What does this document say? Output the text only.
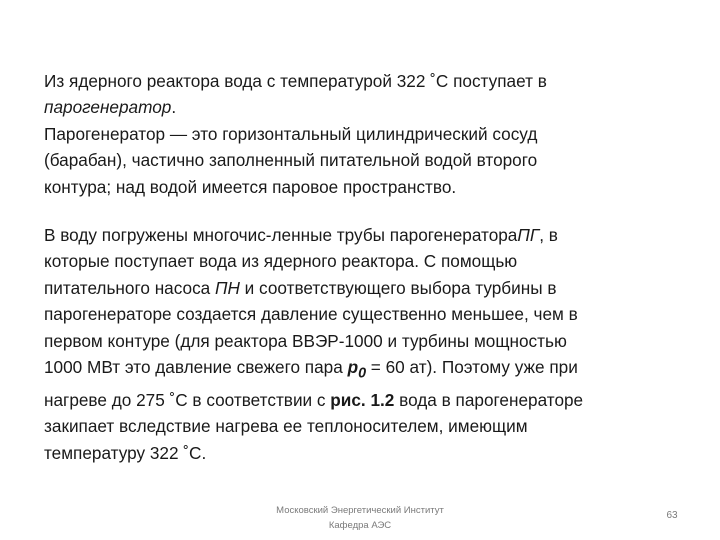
Из ядерного реактора вода с температурой 322 ˚С поступает в
парогенератор.
Парогенератор — это горизонтальный цилиндрический сосуд
(барабан), частично заполненный питательной водой второго
контура; над водой имеется паровое пространство.

В воду погружены многочис-ленные трубы парогенератораПГ, в
которые поступает вода из ядерного реактора. С помощью
питательного насоса ПН и соответствующего выбора турбины в
парогенераторе создается давление существенно меньшее, чем в
первом контуре (для реактора ВВЭР-1000 и турбины мощностью
1000 МВт это давление свежего пара $p_0 = 60$ ат). Поэтому уже при
нагреве до 275 ˚С в соответствии с рис. 1.2 вода в парогенераторе
закипает вследствие нагрева ее теплоносителем, имеющим
температуру 322 ˚С.

Московский Энергетический Институт
Кафедра АЭС
63
